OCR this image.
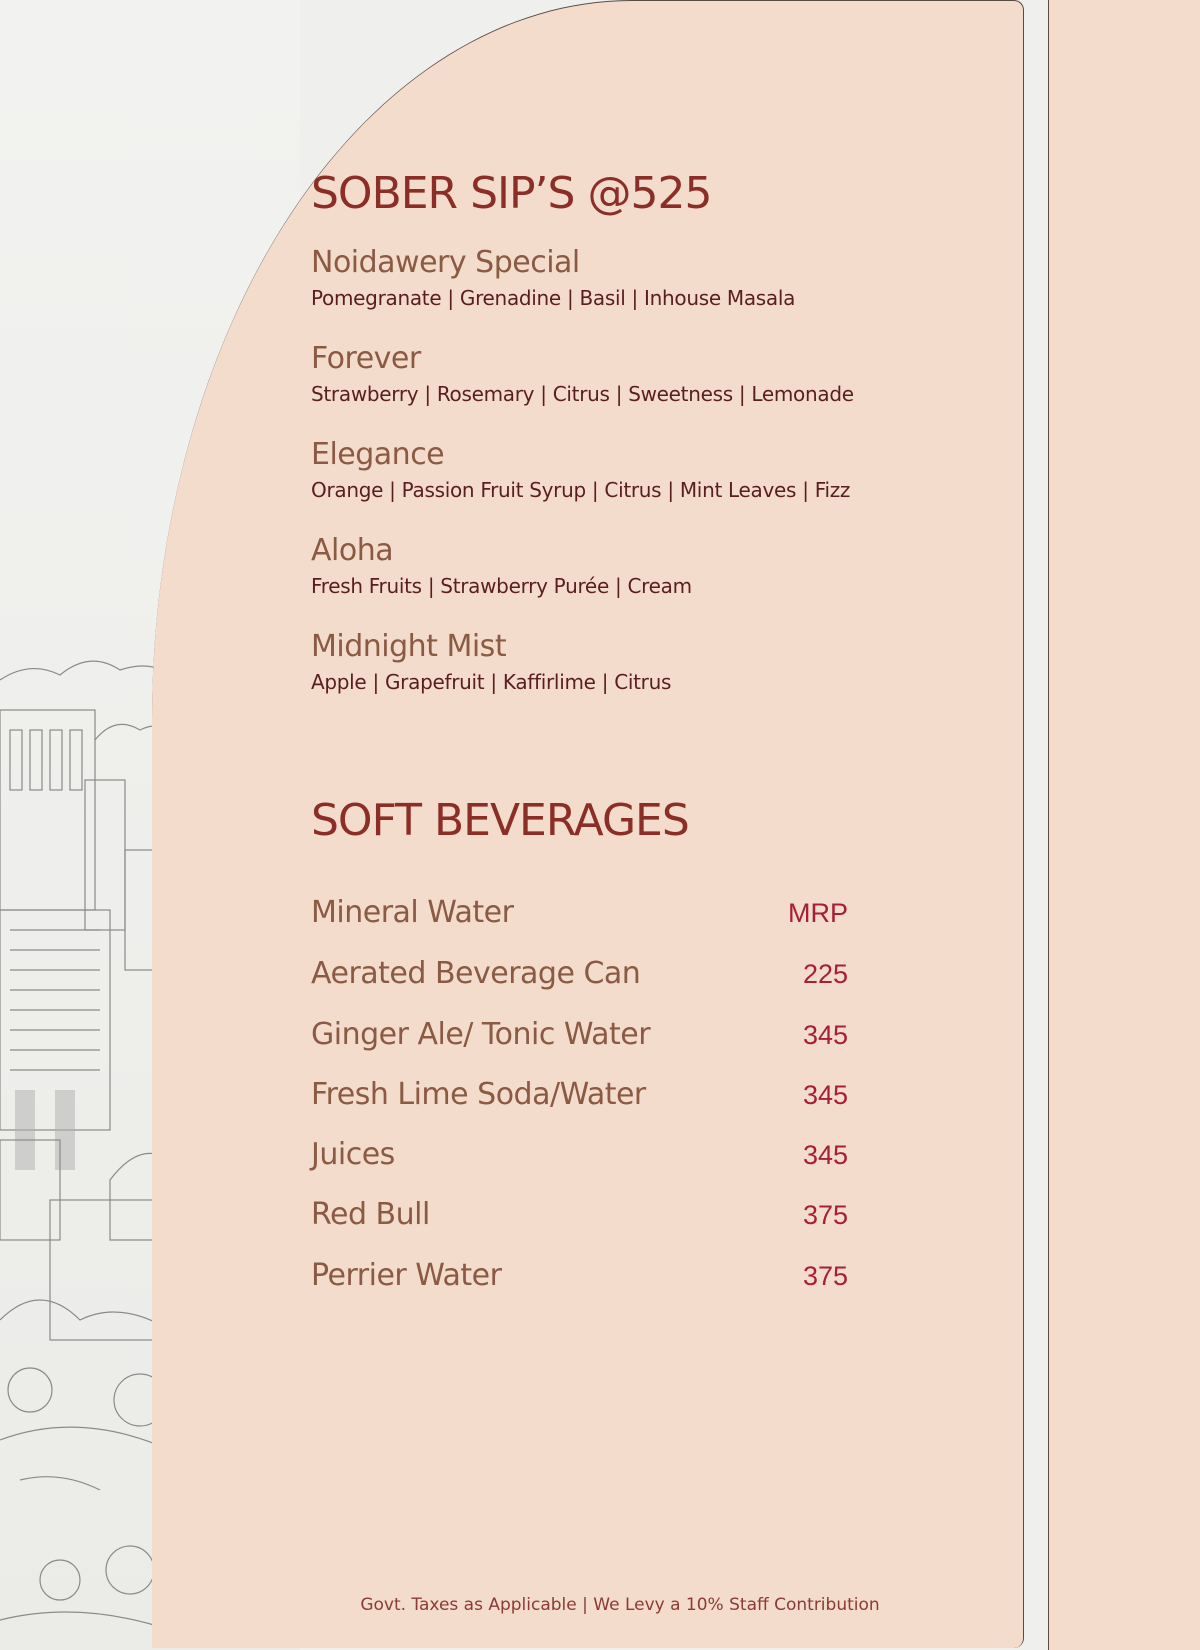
SOBER SIP’S @525
Noidawery Special
Pomegranate | Grenadine | Basil | Inhouse Masala
Forever
Strawberry | Rosemary | Citrus | Sweetness | Lemonade
Elegance
Orange | Passion Fruit Syrup | Citrus | Mint Leaves | Fizz
Aloha
Fresh Fruits | Strawberry Purée | Cream
Midnight Mist
Apple | Grapefruit | Kaffirlime | Citrus
SOFT BEVERAGES
Mineral Water	MRP
Aerated Beverage Can	225
Ginger Ale/ Tonic Water	345
Fresh Lime Soda/Water	345
Juices	345
Red Bull	375
Perrier Water	375
Govt. Taxes as Applicable | We Levy a 10% Staff Contribution
